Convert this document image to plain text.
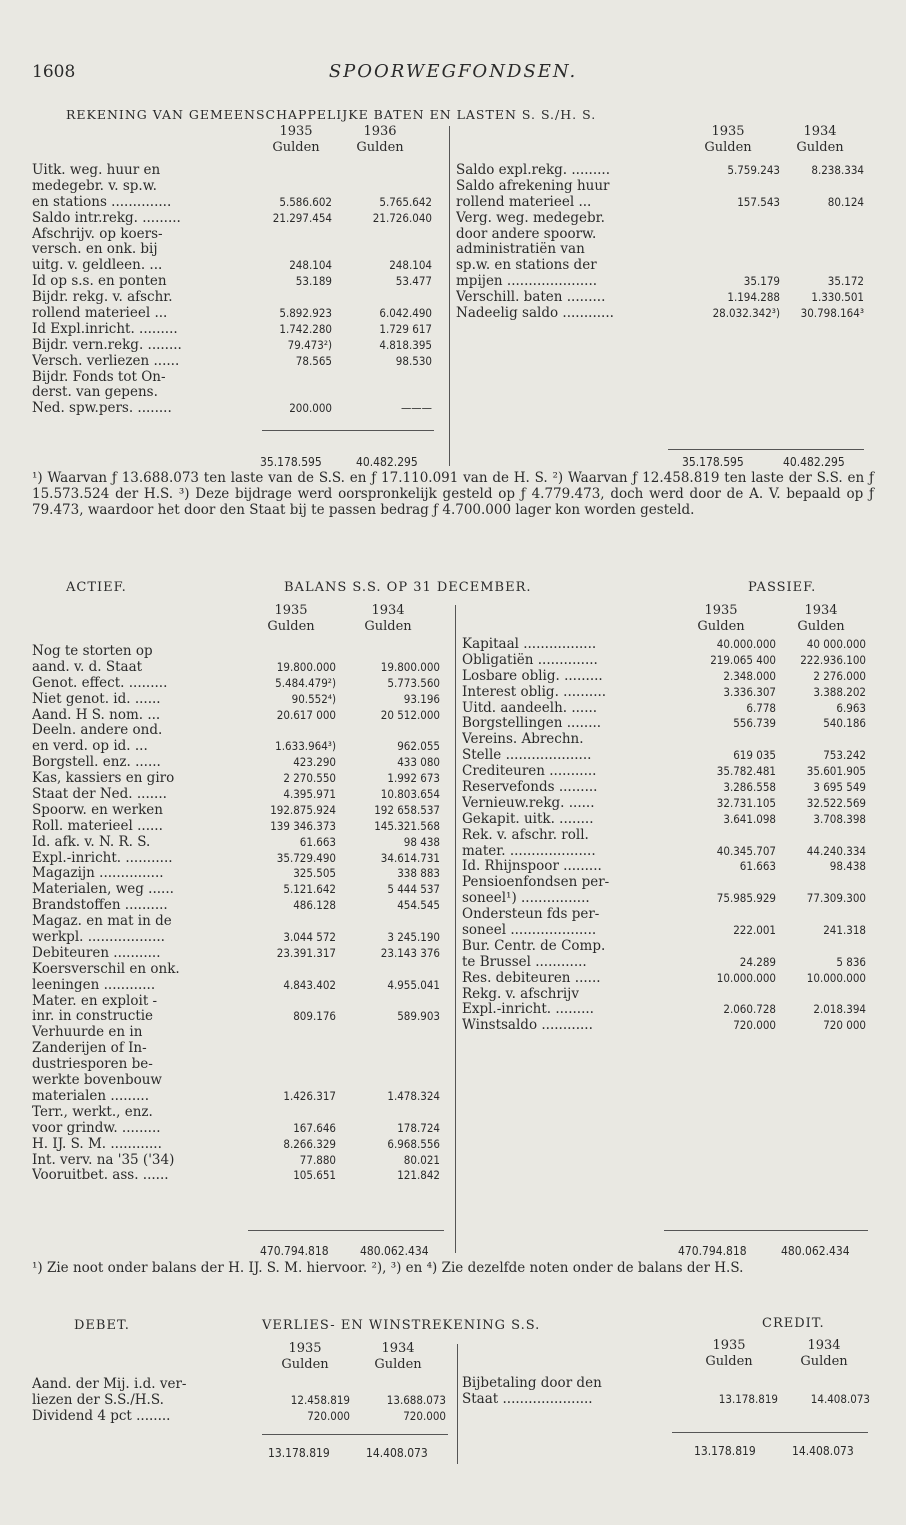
1608	SPOORWEGFONDSEN.
REKENING VAN GEMEENSCHAPPELIJKE BATEN EN LASTEN S. S./H. S.
1935	1936
Gulden	Gulden
1935	1934
Gulden	Gulden
Uitk. weg. huur en
medegebr. v. sp.w.
en stations ..............	5.586.602	5.765.642
Saldo intr.rekg. .........	21.297.454	21.726.040
Afschrijv. op koers-
versch. en onk. bij
uitg. v. geldleen. ...	248.104	248.104
Id op s.s. en ponten	53.189	53.477
Bijdr. rekg. v. afschr.
rollend materieel ...	5.892.923	6.042.490
Id Expl.inricht. .........	1.742.280	1.729 617
Bijdr. vern.rekg. ........	79.473²)	4.818.395
Versch. verliezen ......	78.565	98.530
Bijdr. Fonds tot On-
derst. van gepens.
Ned. spw.pers. ........	200.000	———
Saldo expl.rekg. .........	5.759.243	8.238.334
Saldo afrekening huur
rollend materieel ...	157.543	80.124
Verg. weg. medegebr.
door andere spoorw.
administratiën van
sp.w. en stations der
mpijen .....................	35.179	35.172
Verschill. baten .........	1.194.288	1.330.501
Nadeelig saldo ............	28.032.342³)	30.798.164³
35.178.595	40.482.295	35.178.595	40.482.295
¹) Waarvan ƒ 13.688.073 ten laste van de S.S. en ƒ 17.110.091 van de H. S. ²) Waarvan ƒ 12.458.819 ten laste der S.S. en ƒ 15.573.524 der H.S. ³) Deze bijdrage werd oorspronkelijk gesteld op ƒ 4.779.473, doch werd door de A. V. bepaald op ƒ 79.473, waardoor het door den Staat bij te passen bedrag ƒ 4.700.000 lager kon worden gesteld.
ACTIEF.	BALANS S.S. OP 31 DECEMBER.	PASSIEF.
1935	1934
Gulden	Gulden
1935	1934
Gulden	Gulden
Nog te storten op
aand. v. d. Staat	19.800.000	19.800.000
Genot. effect. .........	5.484.479²)	5.773.560
Niet genot. id. ......	90.552⁴)	93.196
Aand. H S. nom. ...	20.617 000	20 512.000
Deeln. andere ond.
en verd. op id. ...	1.633.964³)	962.055
Borgstell. enz. ......	423.290	433 080
Kas, kassiers en giro	2 270.550	1.992 673
Staat der Ned. .......	4.395.971	10.803.654
Spoorw. en werken	192.875.924	192 658.537
Roll. materieel ......	139 346.373	145.321.568
Id. afk. v. N. R. S.	61.663	98 438
Expl.-inricht. ...........	35.729.490	34.614.731
Magazijn ...............	325.505	338 883
Materialen, weg ......	5.121.642	5 444 537
Brandstoffen ..........	486.128	454.545
Magaz. en mat in de
werkpl. ..................	3.044 572	3 245.190
Debiteuren ...........	23.391.317	23.143 376
Koersverschil en onk.
leeningen ............	4.843.402	4.955.041
Mater. en exploit -
inr. in constructie	809.176	589.903
Verhuurde en in
Zanderijen of In-
dustriesporen be-
werkte bovenbouw
materialen .........	1.426.317	1.478.324
Terr., werkt., enz.
voor grindw. .........	167.646	178.724
H. IJ. S. M. ............	8.266.329	6.968.556
Int. verv. na '35 ('34)	77.880	80.021
Vooruitbet. ass. ......	105.651	121.842
Kapitaal .................	40.000.000	40 000.000
Obligatiën ..............	219.065 400	222.936.100
Losbare oblig. .........	2.348.000	2 276.000
Interest oblig. ..........	3.336.307	3.388.202
Uitd. aandeelh. ......	6.778	6.963
Borgstellingen ........	556.739	540.186
Vereins. Abrechn.
Stelle ....................	619 035	753.242
Crediteuren ...........	35.782.481	35.601.905
Reservefonds .........	3.286.558	3 695 549
Vernieuw.rekg. ......	32.731.105	32.522.569
Gekapit. uitk. ........	3.641.098	3.708.398
Rek. v. afschr. roll.
mater. ....................	40.345.707	44.240.334
Id. Rhijnspoor .........	61.663	98.438
Pensioenfondsen per-
soneel¹) ................	75.985.929	77.309.300
Ondersteun fds per-
soneel ....................	222.001	241.318
Bur. Centr. de Comp.
te Brussel ............	24.289	5 836
Res. debiteuren ......	10.000.000	10.000.000
Rekg. v. afschrijv
Expl.-inricht. .........	2.060.728	2.018.394
Winstsaldo ............	720.000	720 000
470.794.818	480.062.434	470.794.818	480.062.434
¹) Zie noot onder balans der H. IJ. S. M. hiervoor. ²), ³) en ⁴) Zie dezelfde noten onder de balans der H.S.
DEBET.	VERLIES- EN WINSTREKENING S.S.	CREDIT.
1935	1934
Gulden	Gulden
1935	1934
Gulden	Gulden
Aand. der Mij. i.d. ver-
liezen der S.S./H.S.	12.458.819	13.688.073
Dividend 4 pct ........	720.000	720.000
Bijbetaling door den
Staat .....................	13.178.819	14.408.073
13.178.819	14.408.073	13.178.819	14.408.073
